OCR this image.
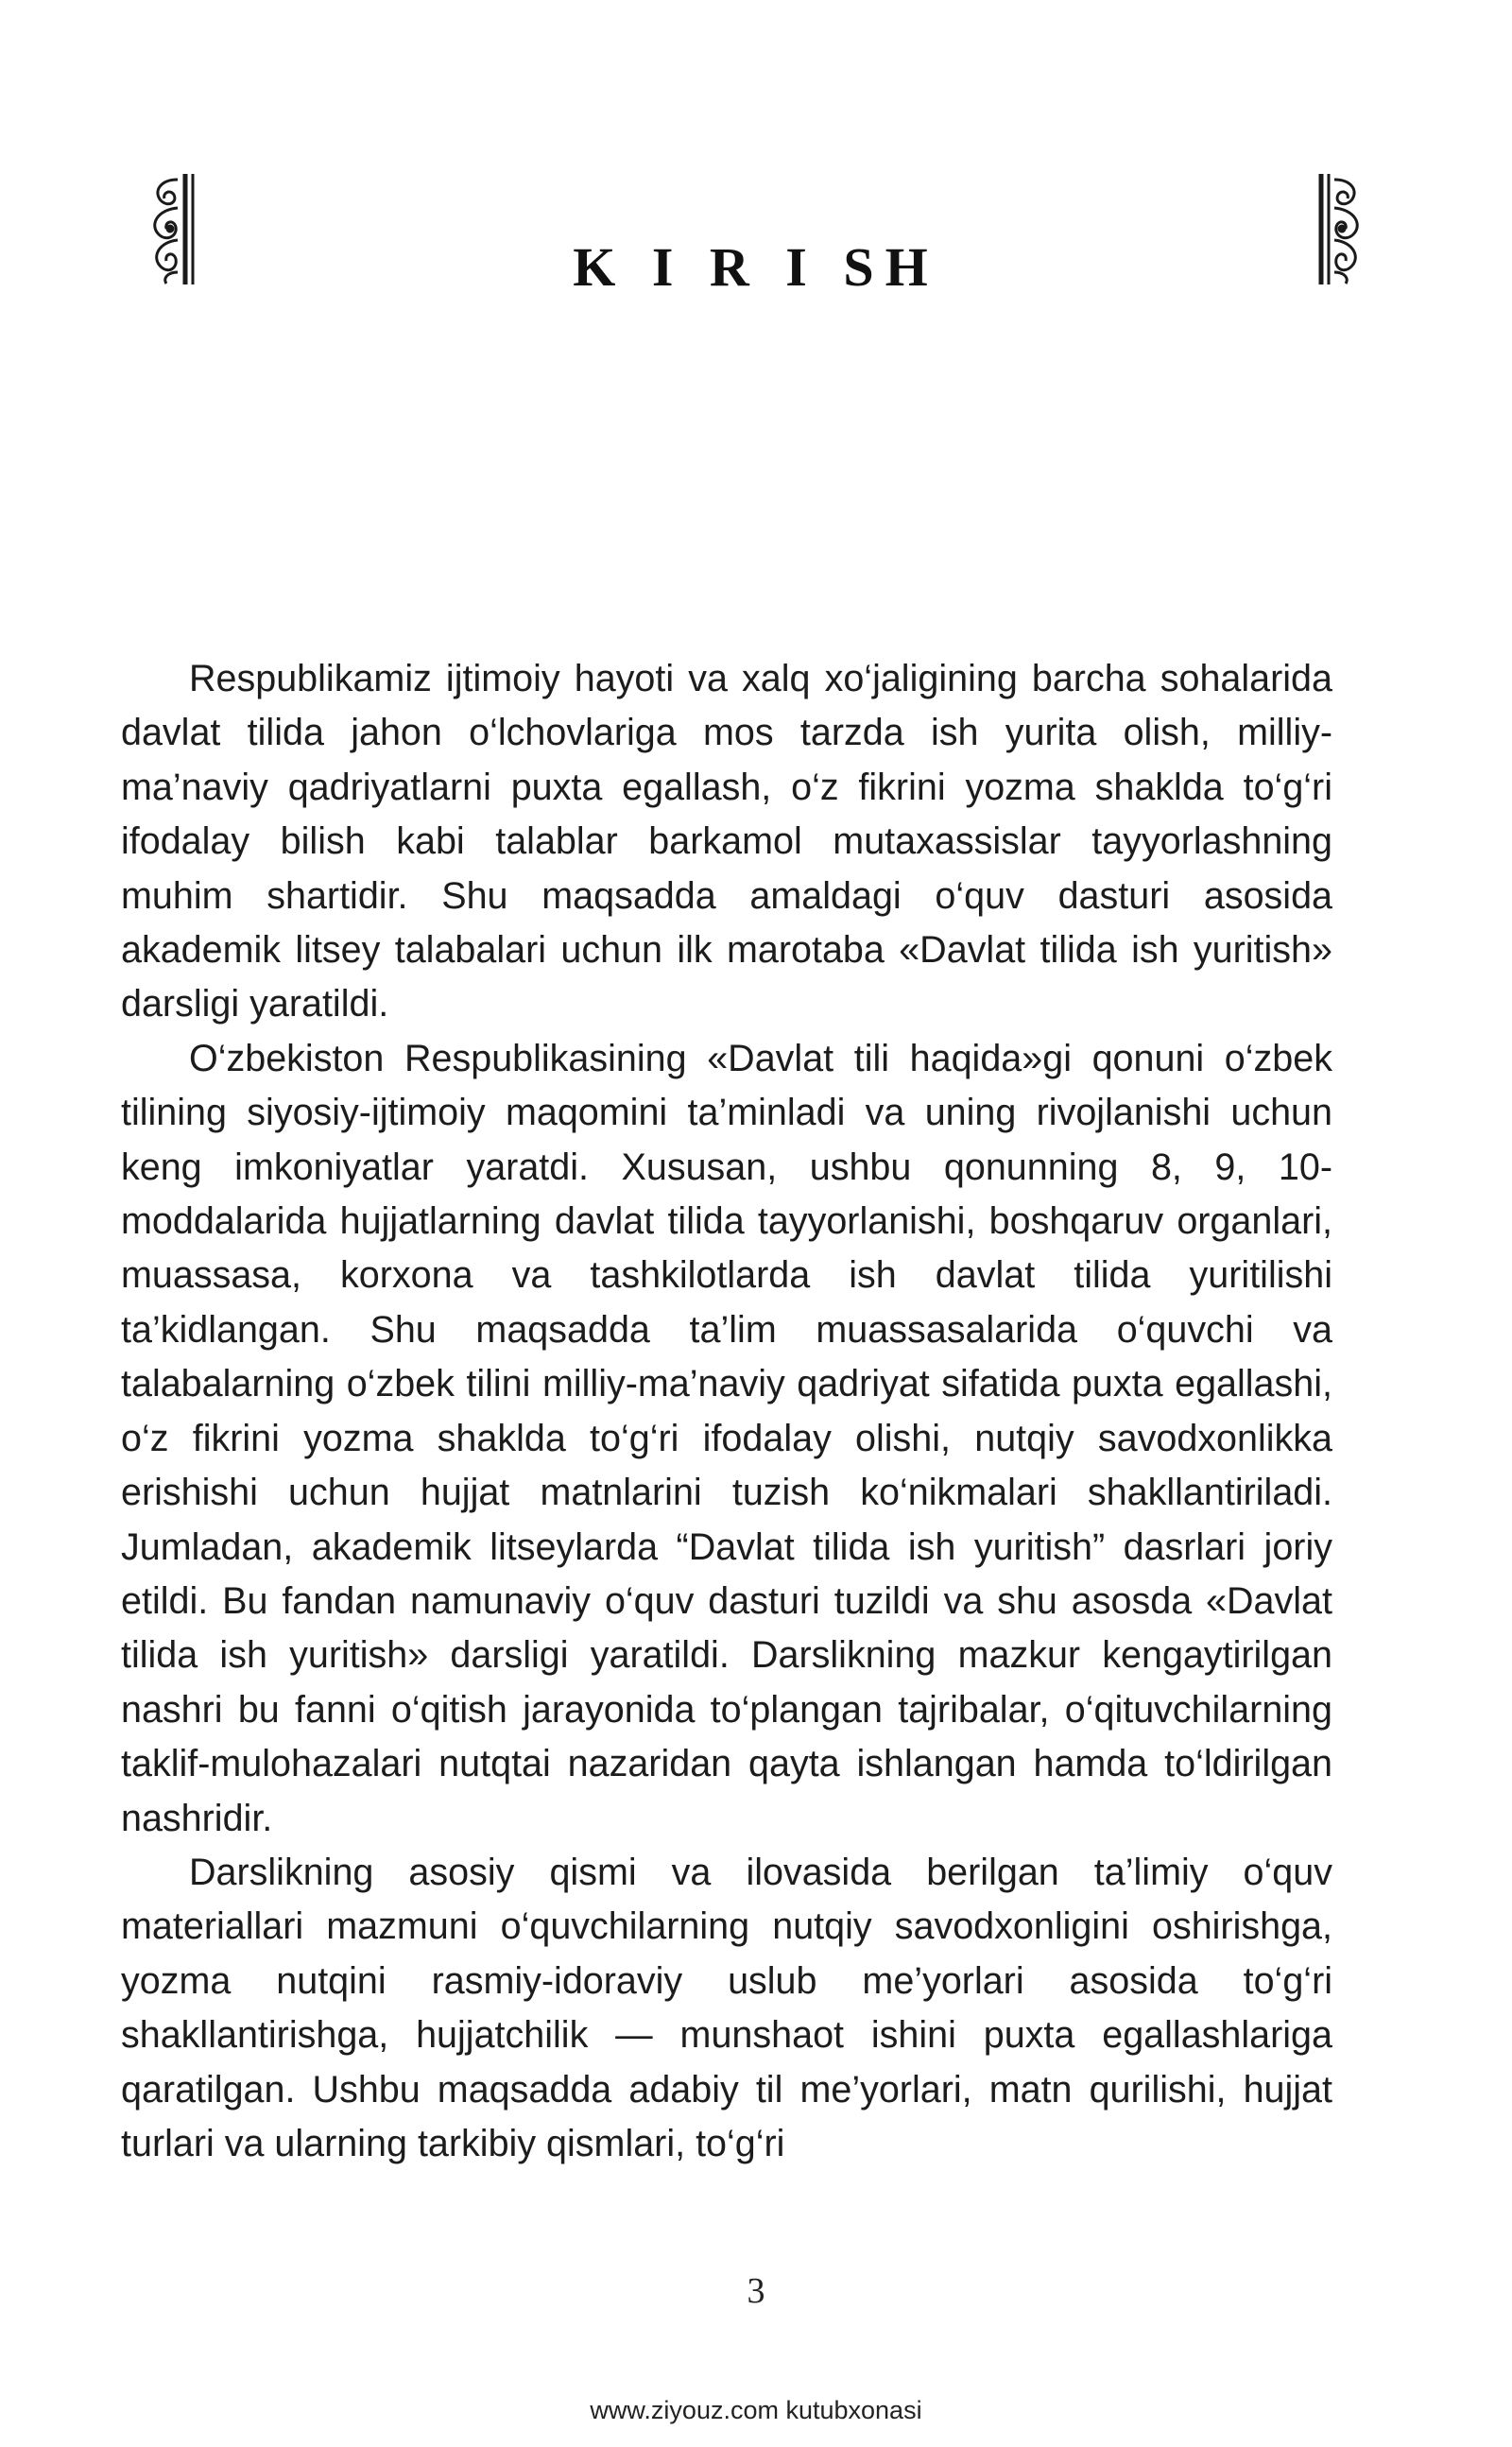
K I R I SH

Respublikamiz ijtimoiy hayoti va xalq xo‘jaligining barcha sohalarida davlat tilida jahon o‘lchovlariga mos tarzda ish yurita olish, milliy-ma’naviy qadriyatlarni puxta egallash, o‘z fikrini yozma shaklda to‘g‘ri ifodalay bilish kabi talablar barkamol mutaxassislar tayyorlashning muhim shartidir. Shu maqsadda amaldagi o‘quv dasturi asosida akademik litsey talabalari uchun ilk marotaba «Davlat tilida ish yuritish» darsligi yaratildi.

O‘zbekiston Respublikasining «Davlat tili haqida»gi qonuni o‘zbek tilining siyosiy-ijtimoiy maqomini ta’minladi va uning rivojlanishi uchun keng imkoniyatlar yaratdi. Xususan, ushbu qonunning 8, 9, 10-moddalarida hujjatlarning davlat tilida tayyorlanishi, boshqaruv organlari, muassasa, korxona va tashkilotlarda ish davlat tilida yuritilishi ta’kidlangan. Shu maqsadda ta’lim muassasalarida o‘quvchi va talabalarning o‘zbek tilini milliy-ma’naviy qadriyat sifatida puxta egallashi, o‘z fikrini yozma shaklda to‘g‘ri ifodalay olishi, nutqiy savodxonlikka erishishi uchun hujjat matnlarini tuzish ko‘nikmalari shakllantiriladi. Jumladan, akademik litseylarda “Davlat tilida ish yuritish” dasrlari joriy etildi. Bu fandan namunaviy o‘quv dasturi tuzildi va shu asosda «Davlat tilida ish yuritish» darsligi yaratildi. Darslikning mazkur kengaytirilgan nashri bu fanni o‘qitish jarayonida to‘plangan tajribalar, o‘qituvchilarning taklif-mulohazalari nutqtai nazaridan qayta ishlangan hamda to‘ldirilgan nashridir.

Darslikning asosiy qismi va ilovasida berilgan ta’limiy o‘quv materiallari mazmuni o‘quvchilarning nutqiy savodxonligini oshirishga, yozma nutqini rasmiy-idoraviy uslub me’yorlari asosida to‘g‘ri shakllantirishga, hujjatchilik — munshaot ishini puxta egallashlariga qaratilgan. Ushbu maqsadda adabiy til me’yorlari, matn qurilishi, hujjat turlari va ularning tarkibiy qismlari, to‘g‘ri

3
www.ziyouz.com kutubxonasi
